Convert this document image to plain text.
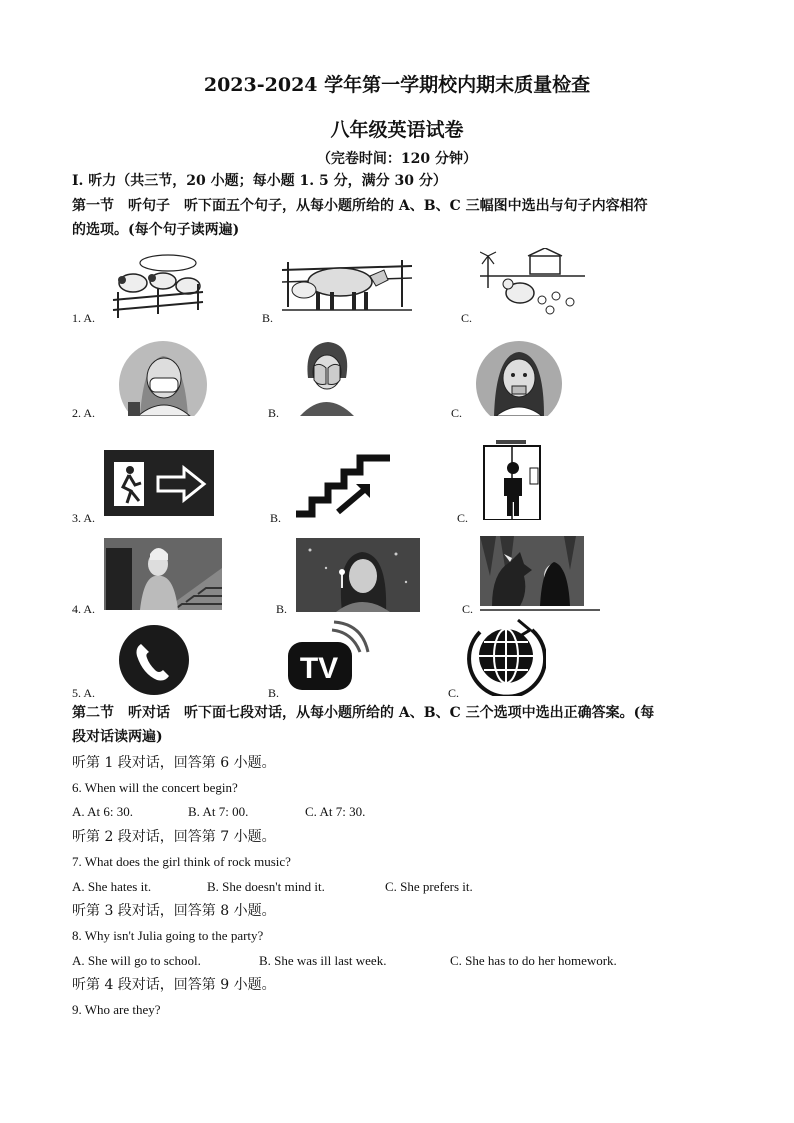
2023-2024 学年第一学期校内期末质量检查
八年级英语试卷
（完卷时间：120 分钟）
I. 听力（共三节，20 小题；每小题 1. 5 分，满分 30 分）
第一节　听句子　听下面五个句子，从每小题所给的 A、B、C 三幅图中选出与句子内容相符
的选项。(每个句子读两遍)
1. A.	B.	C.
2. A.	B.	C.
3. A.	B.	C.
4. A.	B.	C.
5. A.	B.
TV
C.
第二节　听对话　听下面七段对话，从每小题所给的 A、B、C 三个选项中选出正确答案。(每
段对话读两遍)
听第 1 段对话，回答第 6 小题。
6. When will the concert begin?
A. At 6: 30.	B. At 7: 00.	C. At 7: 30.
听第 2 段对话，回答第 7 小题。
7. What does the girl think of rock music?
A. She hates it.	B. She doesn't mind it.	C. She prefers it.
听第 3 段对话，回答第 8 小题。
8. Why isn't Julia going to the party?
A. She will go to school.	B. She was ill last week.	C. She has to do her homework.
听第 4 段对话，回答第 9 小题。
9. Who are they?
